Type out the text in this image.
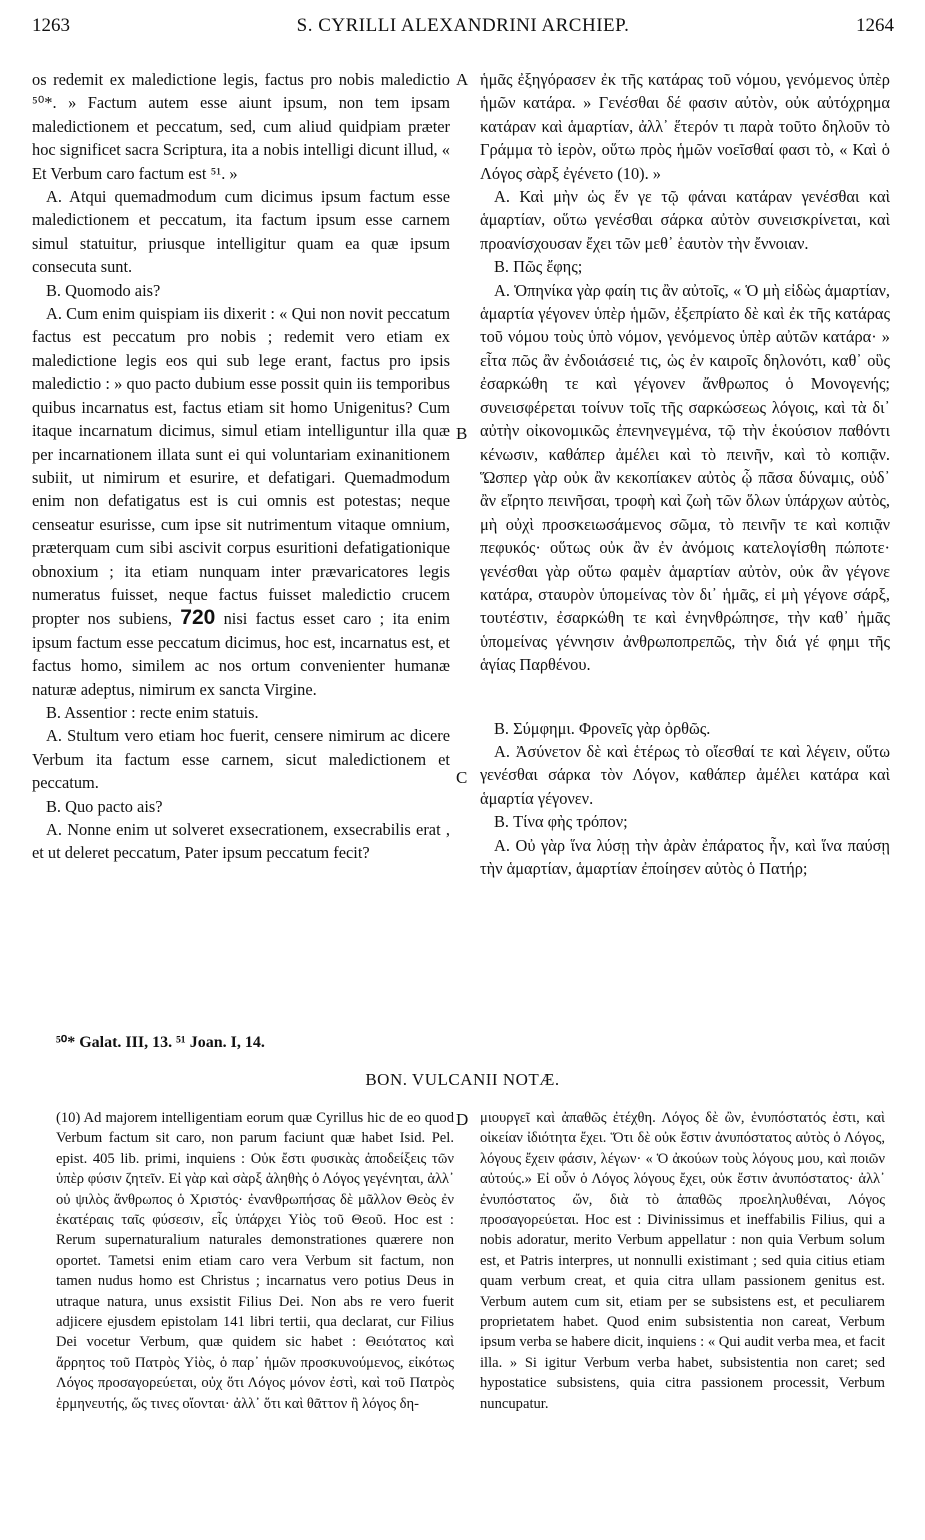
1263	S. CYRILLI ALEXANDRINI ARCHIEP.	1264

os redemit ex maledictione legis, factus pro nobis maledictio ⁵⁰*. » Factum autem esse aiunt ipsum, non tem ipsam maledictionem et peccatum, sed, cum aliud quidpiam præter hoc significet sacra Scriptura, ita a nobis intelligi dicunt illud, « Et Verbum caro factum est ⁵¹. »

A. Atqui quemadmodum cum dicimus ipsum factum esse maledictionem et peccatum, ita factum ipsum esse carnem simul statuitur, priusque intelligitur quam ea quæ ipsum consecuta sunt.

B. Quomodo ais?

A. Cum enim quispiam iis dixerit : « Qui non novit peccatum factus est peccatum pro nobis ; redemit vero etiam ex maledictione legis eos qui sub lege erant, factus pro ipsis maledictio : » quo pacto dubium esse possit quin iis temporibus quibus incarnatus est, factus etiam sit homo Unigenitus? Cum itaque incarnatum dicimus, simul etiam intelliguntur illa quæ per incarnationem illata sunt ei qui voluntariam exinanitionem subiit, ut nimirum et esurire, et defatigari. Quemadmodum enim non defatigatus est is cui omnis est potestas; neque censeatur esurisse, cum ipse sit nutrimentum vitaque omnium, præterquam cum sibi ascivit corpus esuritioni defatigationique obnoxium ; ita etiam nunquam inter prævaricatores legis numeratus fuisset, neque factus fuisset maledictio crucem propter nos subiens, 720 nisi factus esset caro ; ita enim ipsum factum esse peccatum dicimus, hoc est, incarnatus est, et factus homo, similem ac nos ortum convenienter humanæ naturæ adeptus, nimirum ex sancta Virgine.

B. Assentior : recte enim statuis.

A. Stultum vero etiam hoc fuerit, censere nimirum ac dicere Verbum ita factum esse carnem, sicut maledictionem et peccatum.

B. Quo pacto ais?

A. Nonne enim ut solveret exsecrationem, exsecrabilis erat , et ut deleret peccatum, Pater ipsum peccatum fecit?

ἡμᾶς ἐξηγόρασεν ἐκ τῆς κατάρας τοῦ νόμου, γενόμενος ὑπὲρ ἡμῶν κατάρα. » Γενέσθαι δέ φασιν αὐτὸν, οὐκ αὐτόχρημα κατάραν καὶ ἁμαρτίαν, ἀλλ᾽ ἕτερόν τι παρὰ τοῦτο δηλοῦν τὸ Γράμμα τὸ ἱερὸν, οὕτω πρὸς ἡμῶν νοεῖσθαί φασι τὸ, « Καὶ ὁ Λόγος σὰρξ ἐγένετο (10). »

A. Καὶ μὴν ὡς ἕν γε τῷ φάναι κατάραν γενέσθαι καὶ ἁμαρτίαν, οὕτω γενέσθαι σάρκα αὐτὸν συνεισκρίνεται, καὶ προανίσχουσαν ἔχει τῶν μεθ᾽ ἑαυτὸν τὴν ἔννοιαν.

B. Πῶς ἔφης;

A. Ὁπηνίκα γὰρ φαίη τις ἂν αὐτοῖς, « Ὁ μὴ εἰδὼς ἁμαρτίαν, ἁμαρτία γέγονεν ὑπὲρ ἡμῶν, ἐξεπρίατο δὲ καὶ ἐκ τῆς κατάρας τοῦ νόμου τοὺς ὑπὸ νόμον, γενόμενος ὑπὲρ αὐτῶν κατάρα· » εἶτα πῶς ἂν ἐνδοιάσειέ τις, ὡς ἐν καιροῖς δηλονότι, καθ᾽ οὓς ἐσαρκώθη τε καὶ γέγονεν ἄνθρωπος ὁ Μονογενής; συνεισφέρεται τοίνυν τοῖς τῆς σαρκώσεως λόγοις, καὶ τὰ δι᾽ αὐτὴν οἰκονομικῶς ἐπενηνεγμένα, τῷ τὴν ἑκούσιον παθόντι κένωσιν, καθάπερ ἀμέλει καὶ τὸ πεινῆν, καὶ τὸ κοπιᾷν. Ὥσπερ γὰρ οὐκ ἂν κεκοπίακεν αὐτὸς ᾧ πᾶσα δύναμις, οὐδ᾽ ἂν εἴρητο πεινῆσαι, τροφὴ καὶ ζωὴ τῶν ὅλων ὑπάρχων αὐτὸς, μὴ οὐχὶ προσκειωσάμενος σῶμα, τὸ πεινῆν τε καὶ κοπιᾷν πεφυκός· οὕτως οὐκ ἂν ἐν ἀνόμοις κατελογίσθη πώποτε· γενέσθαι γὰρ οὕτω φαμὲν ἁμαρτίαν αὐτὸν, οὐκ ἂν γέγονε κατάρα, σταυρὸν ὑπομείνας τὸν δι᾽ ἡμᾶς, εἰ μὴ γέγονε σάρξ, τουτέστιν, ἐσαρκώθη τε καὶ ἐνηνθρώπησε, τὴν καθ᾽ ἡμᾶς ὑπομείνας γέννησιν ἀνθρωποπρεπῶς, τὴν διά γέ φημι τῆς ἁγίας Παρθένου.

B. Σύμφημι. Φρονεῖς γὰρ ὀρθῶς.

A. Ἀσύνετον δὲ καὶ ἑτέρως τὸ οἴεσθαί τε καὶ λέγειν, οὕτω γενέσθαι σάρκα τὸν Λόγον, καθάπερ ἀμέλει κατάρα καὶ ἁμαρτία γέγονεν.

B. Τίνα φὴς τρόπον;

A. Οὐ γὰρ ἵνα λύσῃ τὴν ἀρὰν ἐπάρατος ἦν, καὶ ἵνα παύσῃ τὴν ἁμαρτίαν, ἁμαρτίαν ἐποίησεν αὐτὸς ὁ Πατήρ;

A
B
C
D
⁵⁰* Galat. III, 13. ⁵¹ Joan. I, 14.
BON. VULCANII NOTÆ.

(10) Ad majorem intelligentiam eorum quæ Cyrillus hic de eo quod Verbum factum sit caro, non parum faciunt quæ habet Isid. Pel. epist. 405 lib. primi, inquiens : Οὐκ ἔστι φυσικὰς ἀποδείξεις τῶν ὑπὲρ φύσιν ζητεῖν. Εἰ γὰρ καὶ σὰρξ ἀληθὴς ὁ Λόγος γεγένηται, ἀλλ᾽ οὐ ψιλὸς ἄνθρωπος ὁ Χριστός· ἐνανθρωπήσας δὲ μᾶλλον Θεὸς ἐν ἑκατέραις ταῖς φύσεσιν, εἷς ὑπάρχει Υἱὸς τοῦ Θεοῦ. Hoc est : Rerum supernaturalium naturales demonstrationes quærere non oportet. Tametsi enim etiam caro vera Verbum sit factum, non tamen nudus homo est Christus ; incarnatus vero potius Deus in utraque natura, unus exsistit Filius Dei. Non abs re vero fuerit adjicere ejusdem epistolam 141 libri tertii, qua declarat, cur Filius Dei vocetur Verbum, quæ quidem sic habet : Θειότατος καὶ ἄρρητος τοῦ Πατρὸς Υἱὸς, ὁ παρ᾽ ἡμῶν προσκυνούμενος, εἰκότως Λόγος προσαγορεύεται, οὐχ ὅτι Λόγος μόνον ἐστὶ, καὶ τοῦ Πατρὸς ἑρμηνευτής, ὥς τινες οἴονται· ἀλλ᾽ ὅτι καὶ θᾶττον ἢ λόγος δη-

μιουργεῖ καὶ ἀπαθῶς ἐτέχθη. Λόγος δὲ ὢν, ἐνυπόστατός ἐστι, καὶ οἰκείαν ἰδιότητα ἔχει. Ὅτι δὲ οὐκ ἔστιν ἀνυπόστατος αὐτὸς ὁ Λόγος, λόγους ἔχειν φάσιν, λέγων· « Ὁ ἀκούων τοὺς λόγους μου, καὶ ποιῶν αὐτούς.» Εἰ οὖν ὁ Λόγος λόγους ἔχει, οὐκ ἔστιν ἀνυπόστατος· ἀλλ᾽ ἐνυπόστατος ὤν, διὰ τὸ ἀπαθῶς προεληλυθέναι, Λόγος προσαγορεύεται. Hoc est : Divinissimus et ineffabilis Filius, qui a nobis adoratur, merito Verbum appellatur : non quia Verbum solum est, et Patris interpres, ut nonnulli existimant ; sed quia citius etiam quam verbum creat, et quia citra ullam passionem genitus est. Verbum autem cum sit, etiam per se subsistens est, et peculiarem proprietatem habet. Quod enim subsistentia non careat, Verbum ipsum verba se habere dicit, inquiens : « Qui audit verba mea, et facit illa. » Si igitur Verbum verba habet, subsistentia non caret; sed hypostatice subsistens, quia citra passionem processit, Verbum nuncupatur.
